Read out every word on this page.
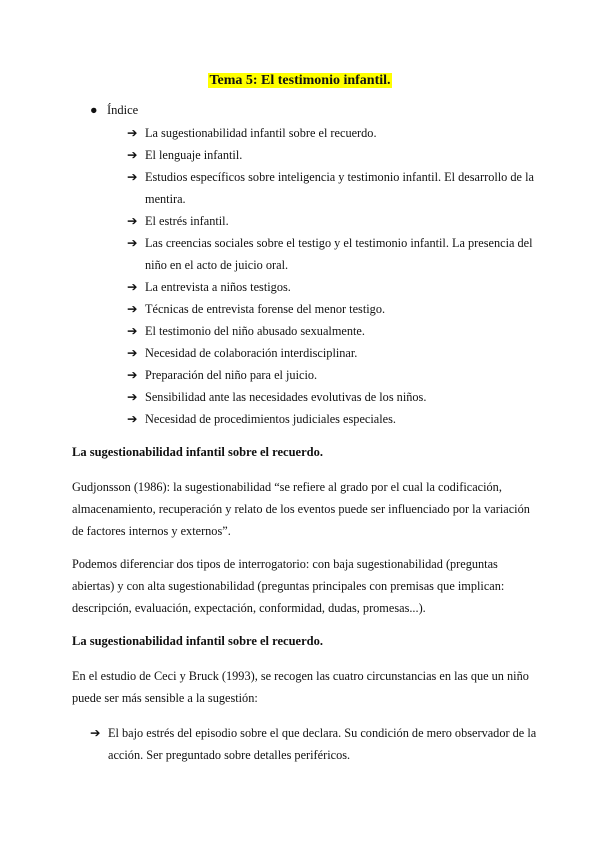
Tema 5: El testimonio infantil.
● Índice
➔ La sugestionabilidad infantil sobre el recuerdo.
➔ El lenguaje infantil.
➔ Estudios específicos sobre inteligencia y testimonio infantil. El desarrollo de la mentira.
➔ El estrés infantil.
➔ Las creencias sociales sobre el testigo y el testimonio infantil. La presencia del niño en el acto de juicio oral.
➔ La entrevista a niños testigos.
➔ Técnicas de entrevista forense del menor testigo.
➔ El testimonio del niño abusado sexualmente.
➔ Necesidad de colaboración interdisciplinar.
➔ Preparación del niño para el juicio.
➔ Sensibilidad ante las necesidades evolutivas de los niños.
➔ Necesidad de procedimientos judiciales especiales.
La sugestionabilidad infantil sobre el recuerdo.
Gudjonsson (1986): la sugestionabilidad “se refiere al grado por el cual la codificación, almacenamiento, recuperación y relato de los eventos puede ser influenciado por la variación de factores internos y externos”.
Podemos diferenciar dos tipos de interrogatorio: con baja sugestionabilidad (preguntas abiertas) y con alta sugestionabilidad (preguntas principales con premisas que implican: descripción, evaluación, expectación, conformidad, dudas, promesas...).
La sugestionabilidad infantil sobre el recuerdo.
En el estudio de Ceci y Bruck (1993), se recogen las cuatro circunstancias en las que un niño puede ser más sensible a la sugestión:
➔ El bajo estrés del episodio sobre el que declara. Su condición de mero observador de la acción. Ser preguntado sobre detalles periféricos.
